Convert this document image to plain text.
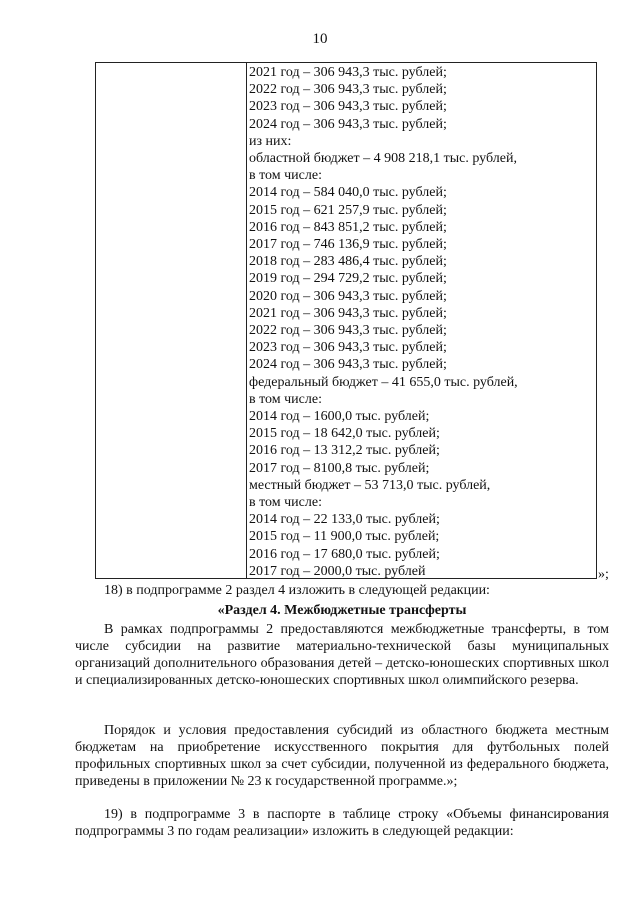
10
2021 год – 306 943,3 тыс. рублей;
2022 год – 306 943,3 тыс. рублей;
2023 год – 306 943,3 тыс. рублей;
2024 год – 306 943,3 тыс. рублей;
из них:
областной бюджет – 4 908 218,1 тыс. рублей,
в том числе:
2014 год – 584 040,0 тыс. рублей;
2015 год – 621 257,9 тыс. рублей;
2016 год – 843 851,2 тыс. рублей;
2017 год – 746 136,9 тыс. рублей;
2018 год – 283 486,4 тыс. рублей;
2019 год – 294 729,2 тыс. рублей;
2020 год – 306 943,3 тыс. рублей;
2021 год – 306 943,3 тыс. рублей;
2022 год – 306 943,3 тыс. рублей;
2023 год – 306 943,3 тыс. рублей;
2024 год – 306 943,3 тыс. рублей;
федеральный бюджет – 41 655,0 тыс. рублей,
в том числе:
2014 год – 1600,0 тыс. рублей;
2015 год – 18 642,0 тыс. рублей;
2016 год – 13 312,2 тыс. рублей;
2017 год – 8100,8 тыс. рублей;
местный бюджет – 53 713,0 тыс. рублей,
в том числе:
2014 год – 22 133,0 тыс. рублей;
2015 год – 11 900,0 тыс. рублей;
2016 год – 17 680,0 тыс. рублей;
2017 год – 2000,0 тыс. рублей	»;
18) в подпрограмме 2 раздел 4 изложить в следующей редакции:
«Раздел 4. Межбюджетные трансферты
В рамках подпрограммы 2 предоставляются межбюджетные трансферты, в том числе субсидии на развитие материально-технической базы муниципальных организаций дополнительного образования детей – детско-юношеских спортивных школ и специализированных детско-юношеских спортивных школ олимпийского резерва.
Порядок и условия предоставления субсидий из областного бюджета местным бюджетам на приобретение искусственного покрытия для футбольных полей профильных спортивных школ за счет субсидии, полученной из федерального бюджета, приведены в приложении № 23 к государственной программе.»;
19) в подпрограмме 3 в паспорте в таблице строку «Объемы финансирования подпрограммы 3 по годам реализации» изложить в следующей редакции:
